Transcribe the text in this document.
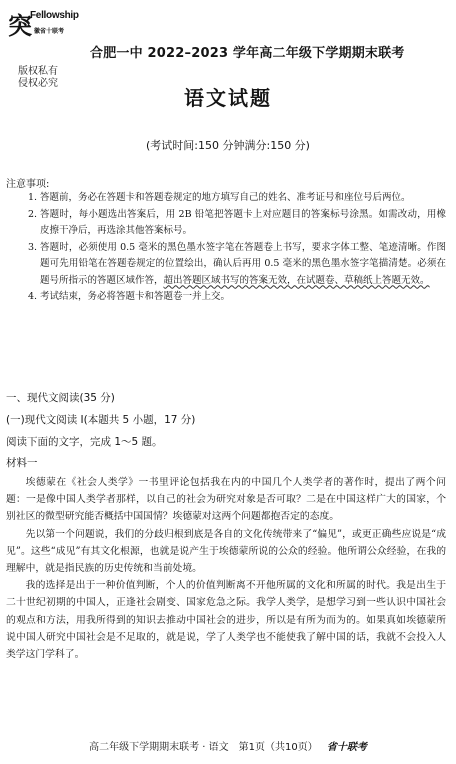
突
Fellowship
徽省十联考
版权私有
侵权必究
合肥一中 2022–2023 学年高二年级下学期期末联考
语文试题
(考试时间:150 分钟满分:150 分)
注意事项:
1. 答题前，务必在答题卡和答题卷规定的地方填写自己的姓名、准考证号和座位号后两位。
2. 答题时，每小题选出答案后，用 2B 铅笔把答题卡上对应题目的答案标号涂黑。如需改动，用橡皮擦干净后，再选涂其他答案标号。
3. 答题时，必须使用 0.5 毫米的黑色墨水签字笔在答题卷上书写，要求字体工整、笔迹清晰。作图题可先用铅笔在答题卷规定的位置绘出，确认后再用 0.5 毫米的黑色墨水签字笔描清楚。必须在题号所指示的答题区域作答，超出答题区域书写的答案无效，在试题卷、草稿纸上答题无效。
4. 考试结束，务必将答题卡和答题卷一并上交。
一、现代文阅读(35 分)
(一)现代文阅读 I(本题共 5 小题，17 分)
阅读下面的文字，完成 1～5 题。
材料一

埃德蒙在《社会人类学》一书里评论包括我在内的中国几个人类学者的著作时，提出了两个问题：一是像中国人类学者那样，以自己的社会为研究对象是否可取？二是在中国这样广大的国家，个别社区的微型研究能否概括中国国情？埃德蒙对这两个问题都抱否定的态度。

先以第一个问题说，我们的分歧归根到底是各自的文化传统带来了“偏见”，或更正确些应说是“成见”。这些“成见”有其文化根源，也就是说产生于埃德蒙所说的公众的经验。他所谓公众经验，在我的理解中，就是指民族的历史传统和当前处境。

我的选择是出于一种价值判断，个人的价值判断离不开他所属的文化和所属的时代。我是出生于二十世纪初期的中国人，正逢社会剧变、国家危急之际。我学人类学，是想学习到一些认识中国社会的观点和方法，用我所得到的知识去推动中国社会的进步，所以是有所为而为的。如果真如埃德蒙所说中国人研究中国社会是不足取的，就是说，学了人类学也不能使我了解中国的话，我就不会投入人类学这门学科了。

高二年级下学期期末联考 · 语文　第1页（共10页） 省十联考
